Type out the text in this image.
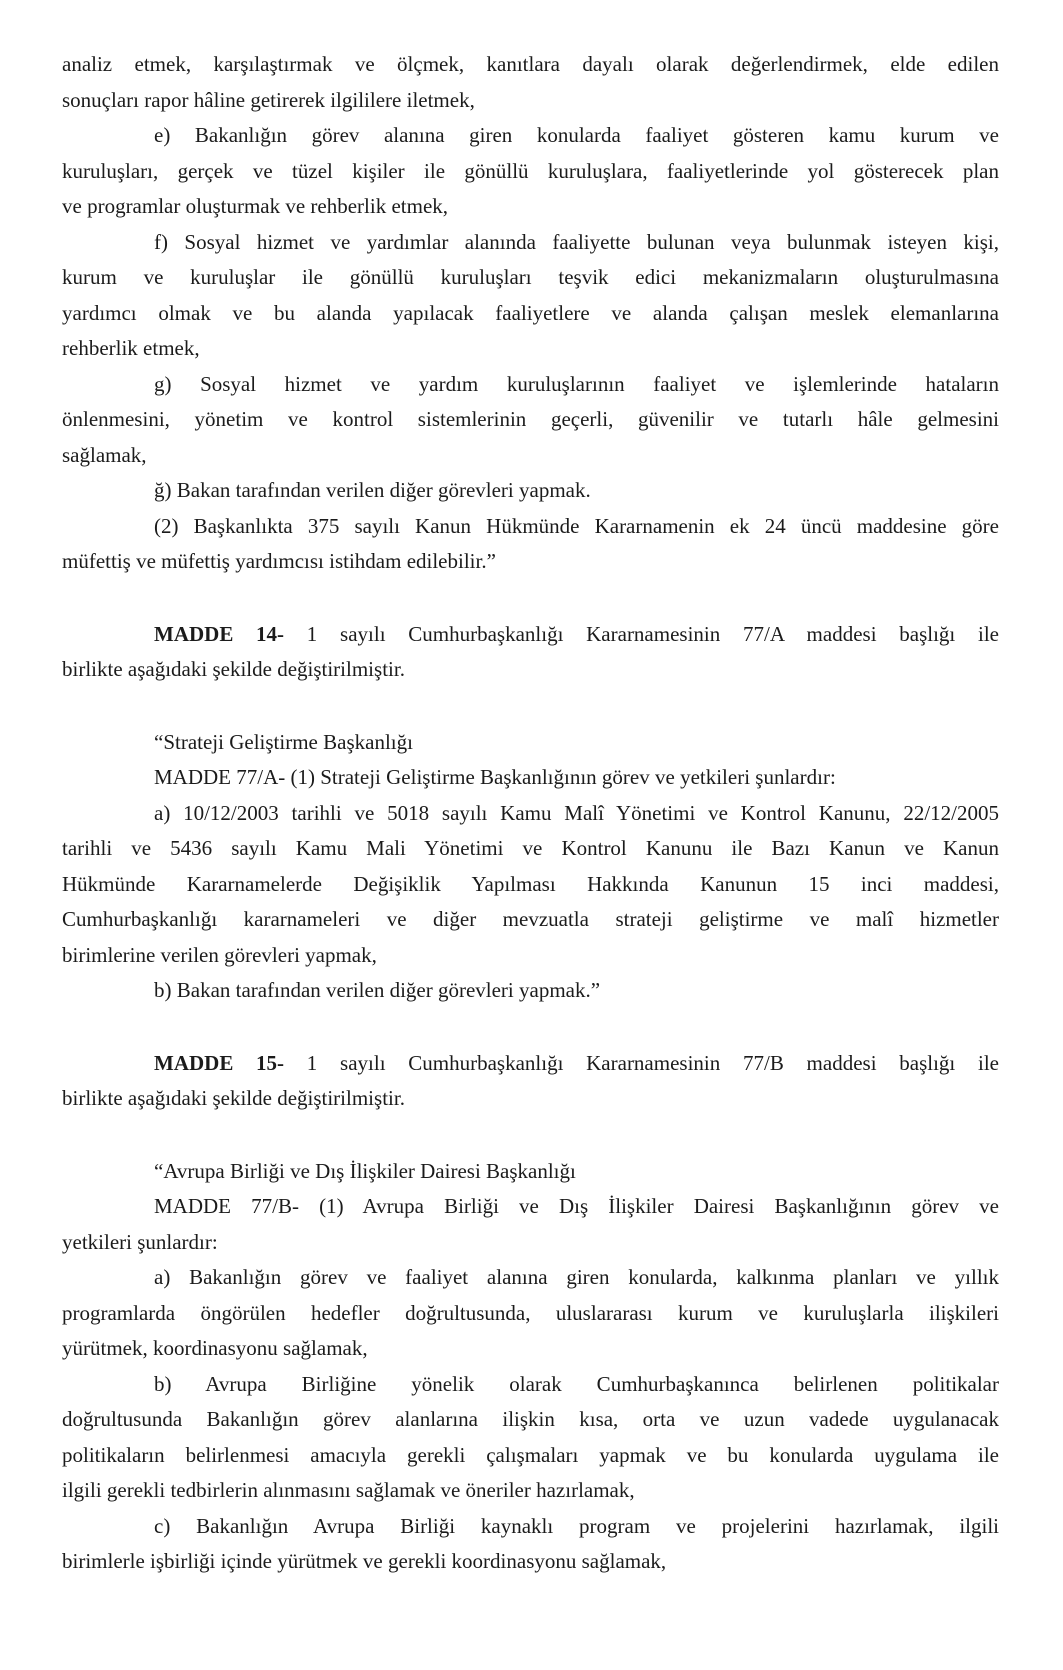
analiz etmek, karşılaştırmak ve ölçmek, kanıtlara dayalı olarak değerlendirmek, elde edilen
sonuçları rapor hâline getirerek ilgililere iletmek,
e) Bakanlığın görev alanına giren konularda faaliyet gösteren kamu kurum ve
kuruluşları, gerçek ve tüzel kişiler ile gönüllü kuruluşlara, faaliyetlerinde yol gösterecek plan
ve programlar oluşturmak ve rehberlik etmek,
f) Sosyal hizmet ve yardımlar alanında faaliyette bulunan veya bulunmak isteyen kişi,
kurum ve kuruluşlar ile gönüllü kuruluşları teşvik edici mekanizmaların oluşturulmasına
yardımcı olmak ve bu alanda yapılacak faaliyetlere ve alanda çalışan meslek elemanlarına
rehberlik etmek,
g) Sosyal hizmet ve yardım kuruluşlarının faaliyet ve işlemlerinde hataların
önlenmesini, yönetim ve kontrol sistemlerinin geçerli, güvenilir ve tutarlı hâle gelmesini
sağlamak,
ğ) Bakan tarafından verilen diğer görevleri yapmak.
(2) Başkanlıkta 375 sayılı Kanun Hükmünde Kararnamenin ek 24 üncü maddesine göre
müfettiş ve müfettiş yardımcısı istihdam edilebilir.”
MADDE 14- 1 sayılı Cumhurbaşkanlığı Kararnamesinin 77/A maddesi başlığı ile
birlikte aşağıdaki şekilde değiştirilmiştir.
“Strateji Geliştirme Başkanlığı
MADDE 77/A- (1) Strateji Geliştirme Başkanlığının görev ve yetkileri şunlardır:
a) 10/12/2003 tarihli ve 5018 sayılı Kamu Malî Yönetimi ve Kontrol Kanunu, 22/12/2005
tarihli ve 5436 sayılı Kamu Mali Yönetimi ve Kontrol Kanunu ile Bazı Kanun ve Kanun
Hükmünde Kararnamelerde Değişiklik Yapılması Hakkında Kanunun 15 inci maddesi,
Cumhurbaşkanlığı kararnameleri ve diğer mevzuatla strateji geliştirme ve malî hizmetler
birimlerine verilen görevleri yapmak,
b) Bakan tarafından verilen diğer görevleri yapmak.”
MADDE 15- 1 sayılı Cumhurbaşkanlığı Kararnamesinin 77/B maddesi başlığı ile
birlikte aşağıdaki şekilde değiştirilmiştir.
“Avrupa Birliği ve Dış İlişkiler Dairesi Başkanlığı
MADDE 77/B- (1) Avrupa Birliği ve Dış İlişkiler Dairesi Başkanlığının görev ve
yetkileri şunlardır:
a) Bakanlığın görev ve faaliyet alanına giren konularda, kalkınma planları ve yıllık
programlarda öngörülen hedefler doğrultusunda, uluslararası kurum ve kuruluşlarla ilişkileri
yürütmek, koordinasyonu sağlamak,
b) Avrupa Birliğine yönelik olarak Cumhurbaşkanınca belirlenen politikalar
doğrultusunda Bakanlığın görev alanlarına ilişkin kısa, orta ve uzun vadede uygulanacak
politikaların belirlenmesi amacıyla gerekli çalışmaları yapmak ve bu konularda uygulama ile
ilgili gerekli tedbirlerin alınmasını sağlamak ve öneriler hazırlamak,
c) Bakanlığın Avrupa Birliği kaynaklı program ve projelerini hazırlamak, ilgili
birimlerle işbirliği içinde yürütmek ve gerekli koordinasyonu sağlamak,
